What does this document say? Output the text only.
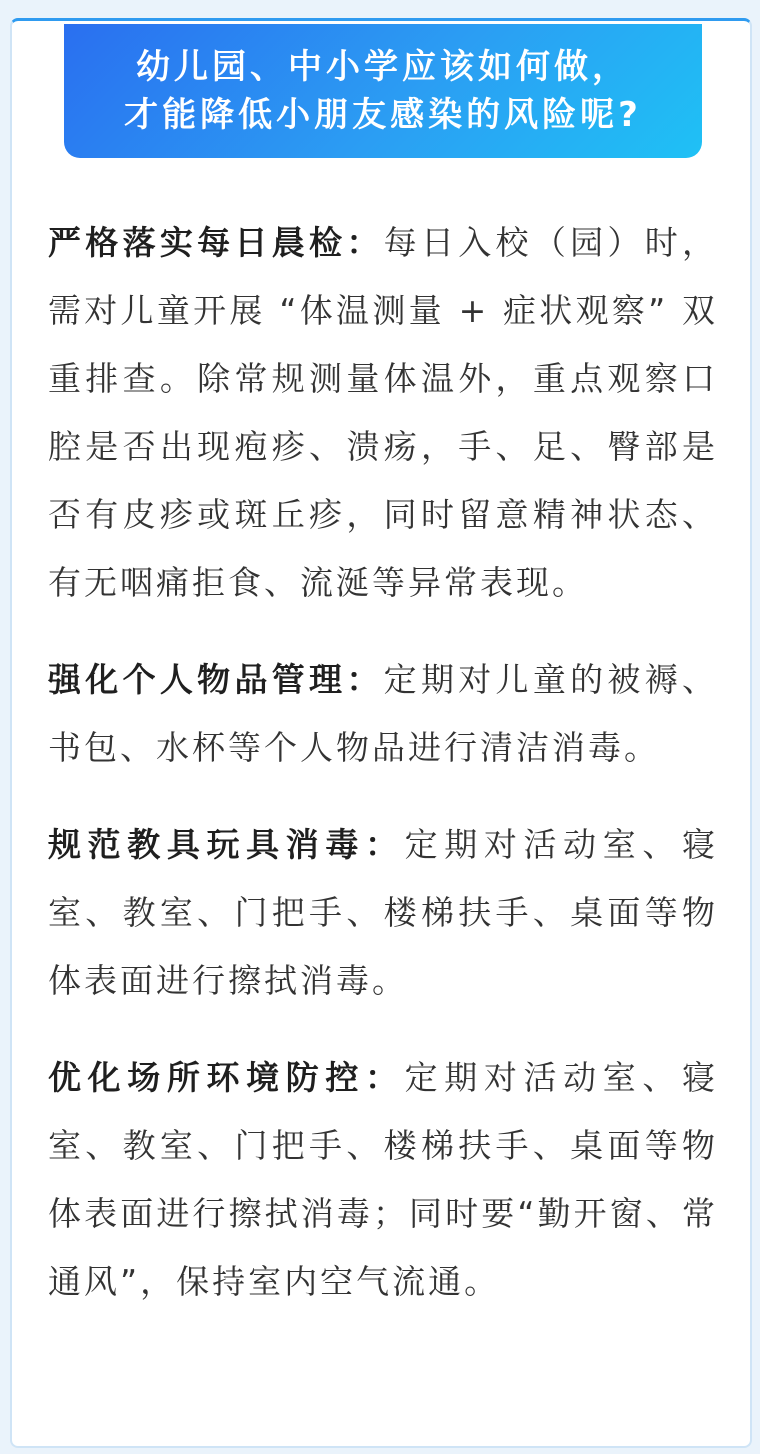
幼儿园、中小学应该如何做，
才能降低小朋友感染的风险呢?

严格落实每日晨检：每日入校（园）时，需对儿童开展 “体温测量 + 症状观察” 双重排查。除常规测量体温外，重点观察口腔是否出现疱疹、溃疡，手、足、臀部是否有皮疹或斑丘疹，同时留意精神状态、有无咽痛拒食、流涎等异常表现。

强化个人物品管理：定期对儿童的被褥、书包、水杯等个人物品进行清洁消毒。

规范教具玩具消毒：定期对活动室、寝室、教室、门把手、楼梯扶手、桌面等物体表面进行擦拭消毒。

优化场所环境防控：定期对活动室、寝室、教室、门把手、楼梯扶手、桌面等物体表面进行擦拭消毒；同时要“勤开窗、常通风”，保持室内空气流通。
